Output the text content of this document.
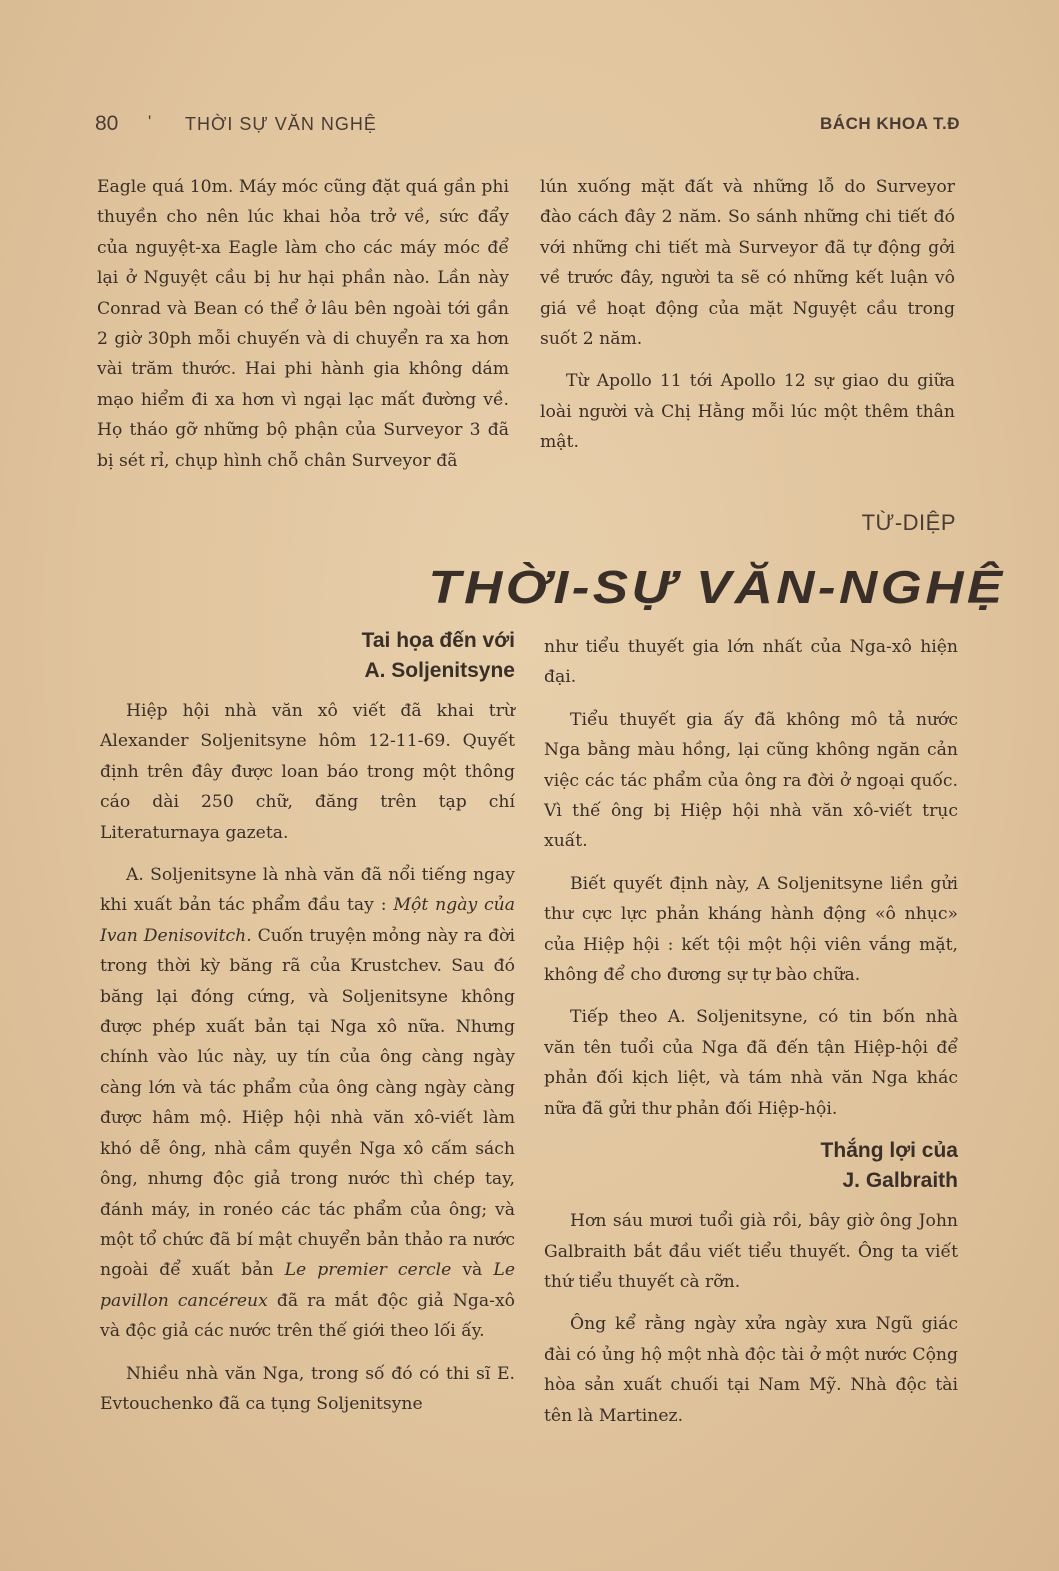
80 ' THỜI SỰ VĂN NGHỆ	BÁCH KHOA T.Đ

Eagle quá 10m. Máy móc cũng đặt quá gần phi thuyền cho nên lúc khai hỏa trở về, sức đẩy của nguyệt-xa Eagle làm cho các máy móc để lại ở Nguyệt cầu bị hư hại phần nào. Lần này Conrad và Bean có thể ở lâu bên ngoài tới gần 2 giờ 30ph mỗi chuyến và di chuyển ra xa hơn vài trăm thước. Hai phi hành gia không dám mạo hiểm đi xa hơn vì ngại lạc mất đường về. Họ tháo gỡ những bộ phận của Surveyor 3 đã bị sét rỉ, chụp hình chỗ chân Surveyor đã

lún xuống mặt đất và những lỗ do Surveyor đào cách đây 2 năm. So sánh những chi tiết đó với những chi tiết mà Surveyor đã tự động gởi về trước đây, người ta sẽ có những kết luận vô giá về hoạt động của mặt Nguyệt cầu trong suốt 2 năm.

Từ Apollo 11 tới Apollo 12 sự giao du giữa loài người và Chị Hằng mỗi lúc một thêm thân mật.

TỪ-DIỆP
THỜI-SỰ VĂN-NGHỆ
Tai họa đến với
A. Soljenitsyne

Hiệp hội nhà văn xô viết đã khai trừ Alexander Soljenitsyne hôm 12-11-69. Quyết định trên đây được loan báo trong một thông cáo dài 250 chữ, đăng trên tạp chí Literaturnaya gazeta.

A. Soljenitsyne là nhà văn đã nổi tiếng ngay khi xuất bản tác phẩm đầu tay : Một ngày của Ivan Denisovitch. Cuốn truyện mỏng này ra đời trong thời kỳ băng rã của Krustchev. Sau đó băng lại đóng cứng, và Soljenitsyne không được phép xuất bản tại Nga xô nữa. Nhưng chính vào lúc này, uy tín của ông càng ngày càng lớn và tác phẩm của ông càng ngày càng được hâm mộ. Hiệp hội nhà văn xô-viết làm khó dễ ông, nhà cầm quyền Nga xô cấm sách ông, nhưng độc giả trong nước thì chép tay, đánh máy, in ronéo các tác phẩm của ông; và một tổ chức đã bí mật chuyển bản thảo ra nước ngoài để xuất bản Le premier cercle và Le pavillon cancéreux đã ra mắt độc giả Nga-xô và độc giả các nước trên thế giới theo lối ấy.

Nhiều nhà văn Nga, trong số đó có thi sĩ E. Evtouchenko đã ca tụng Soljenitsyne

như tiểu thuyết gia lớn nhất của Nga-xô hiện đại.

Tiểu thuyết gia ấy đã không mô tả nước Nga bằng màu hồng, lại cũng không ngăn cản việc các tác phẩm của ông ra đời ở ngoại quốc. Vì thế ông bị Hiệp hội nhà văn xô-viết trục xuất.

Biết quyết định này, A Soljenitsyne liền gửi thư cực lực phản kháng hành động «ô nhục» của Hiệp hội : kết tội một hội viên vắng mặt, không để cho đương sự tự bào chữa.

Tiếp theo A. Soljenitsyne, có tin bốn nhà văn tên tuổi của Nga đã đến tận Hiệp-hội để phản đối kịch liệt, và tám nhà văn Nga khác nữa đã gửi thư phản đối Hiệp-hội.

Thắng lợi của
J. Galbraith

Hơn sáu mươi tuổi già rồi, bây giờ ông John Galbraith bắt đầu viết tiểu thuyết. Ông ta viết thứ tiểu thuyết cà rỡn.

Ông kể rằng ngày xửa ngày xưa Ngũ giác đài có ủng hộ một nhà độc tài ở một nước Cộng hòa sản xuất chuối tại Nam Mỹ. Nhà độc tài tên là Martinez.
